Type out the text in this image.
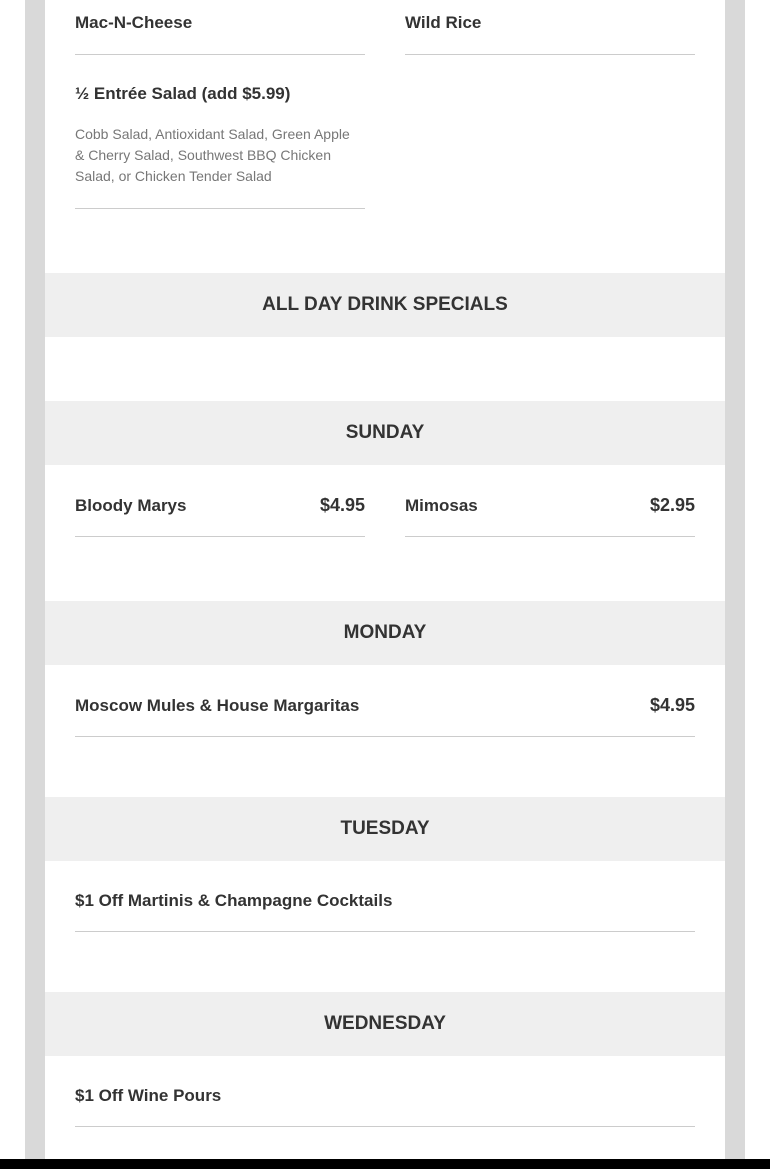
Mac-N-Cheese	Wild Rice
½ Entrée Salad (add $5.99)
Cobb Salad, Antioxidant Salad, Green Apple & Cherry Salad, Southwest BBQ Chicken Salad, or Chicken Tender Salad
ALL DAY DRINK SPECIALS
SUNDAY
Bloody Marys	$4.95 Mimosas	$2.95
MONDAY
Moscow Mules & House Margaritas	$4.95
TUESDAY
$1 Off Martinis & Champagne Cocktails
WEDNESDAY
$1 Off Wine Pours
